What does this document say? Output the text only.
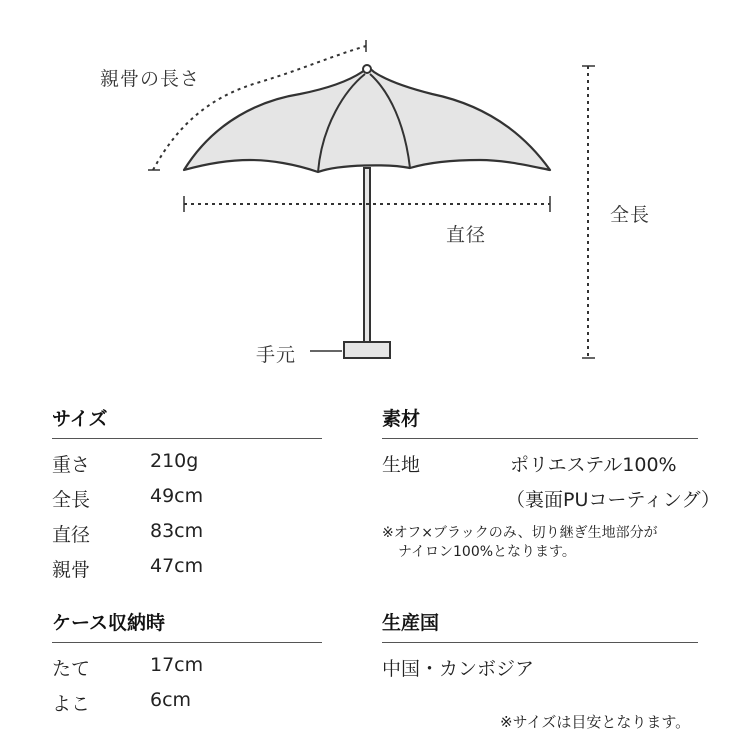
親骨の長さ
全長
直径
手元
サイズ
重さ	210g
全長	49cm
直径	83cm
親骨	47cm
ケース収納時
たて	17cm
よこ	6cm
素材
生地	ポリエステル100%
（裏面PUコーティング）
※オフ×ブラックのみ、切り継ぎ生地部分が
ナイロン100%となります。
生産国
中国・カンボジア
※サイズは目安となります。
